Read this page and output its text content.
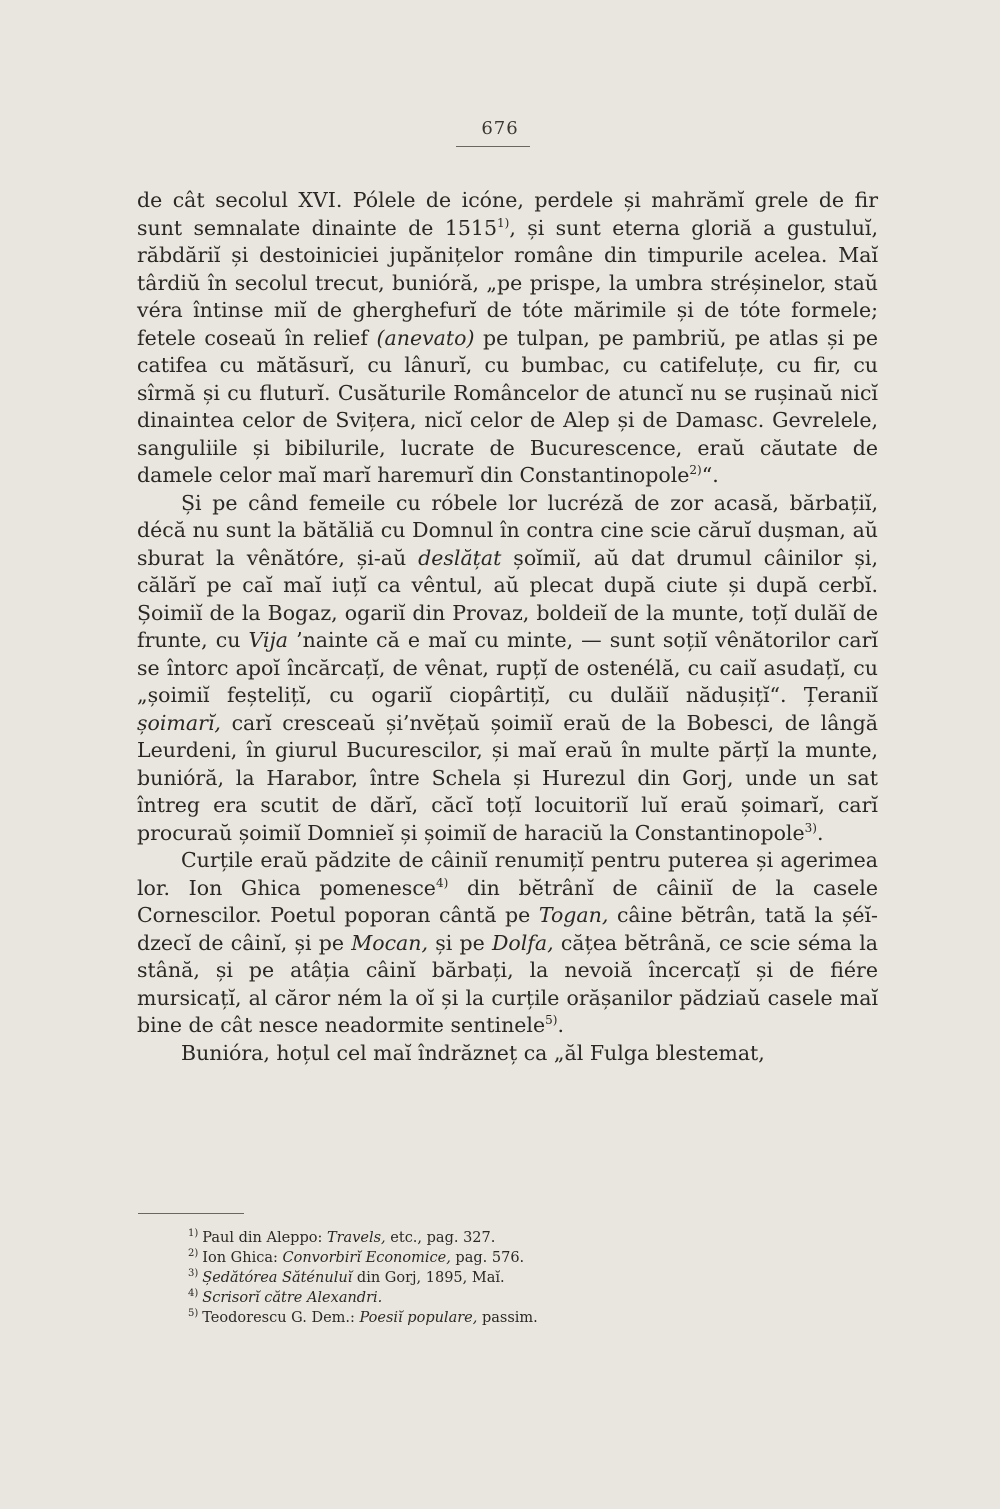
676

de cât secolul XVI. Pólele de icóne, perdele și mahrămĭ grele de fir sunt semnalate dinainte de 1515$^{1)}$, și sunt eterna gloriă a gustuluĭ, răbdăriĭ și destoiniciei jupănițelor române din timpurile acelea. Maĭ târdiŭ în secolul trecut, bunióră, „pe prispe, la umbra stréșinelor, staŭ véra întinse miĭ de gherghefurĭ de tóte mărimile și de tóte formele; fetele coseaŭ în relief (anevato) pe tulpan, pe pambriŭ, pe atlas și pe catifea cu mătăsurĭ, cu lânurĭ, cu bumbac, cu catifeluțe, cu fir, cu sîrmă și cu fluturĭ. Cusăturile Româncelor de atuncĭ nu se rușinaŭ nicĭ dinaintea celor de Svițera, nicĭ celor de Alep și de Damasc. Gevrelele, sanguliile și bibilurile, lucrate de Bucurescence, eraŭ căutate de damele celor maĭ marĭ haremurĭ din Constantinopole$^{2)}$“.

Și pe când femeile cu róbele lor lucréză de zor acasă, bărbațiĭ, décă nu sunt la bătăliă cu Domnul în contra cine scie căruĭ dușman, aŭ sburat la vênătóre, și-aŭ deslățat șoĭmiĭ, aŭ dat drumul câinilor și, călărĭ pe caĭ maĭ iuțĭ ca vêntul, aŭ plecat după ciute și după cerbĭ. Șoimiĭ de la Bogaz, ogariĭ din Provaz, boldeiĭ de la munte, toțĭ dulăĭ de frunte, cu Vija ’nainte că e maĭ cu minte, — sunt soțiĭ vênătorilor carĭ se întorc apoĭ încărcațĭ, de vênat, rupțĭ de ostenélă, cu caiĭ asudațĭ, cu „șoimiĭ feștelițĭ, cu ogariĭ ciopârtițĭ, cu dulăiĭ nădușițĭ“. Țeraniĭ șoimarĭ, carĭ cresceaŭ și’nvĕțaŭ șoimiĭ eraŭ de la Bobesci, de lângă Leurdeni, în giurul Bucurescilor, și maĭ eraŭ în multe părțĭ la munte, bunióră, la Harabor, între Schela și Hurezul din Gorj, unde un sat întreg era scutit de dărĭ, căcĭ toțĭ locuitoriĭ luĭ eraŭ șoimarĭ, carĭ procuraŭ șoimiĭ Domnieĭ și șoimiĭ de haraciŭ la Constantinopole$^{3)}$.

Curțile eraŭ pădzite de câiniĭ renumițĭ pentru puterea și agerimea lor. Ion Ghica pomenesce$^{4)}$ din bĕtrânĭ de câiniĭ de la casele Cornescilor. Poetul poporan cântă pe Togan, câine bĕtrân, tată la șéĭ-dzecĭ de câinĭ, și pe Mocan, și pe Dolfa, cățea bĕtrână, ce scie séma la stână, și pe atâția câinĭ bărbați, la nevoiă încercațĭ și de fiére mursicațĭ, al căror ném la oĭ și la curțile orășanilor pădziaŭ casele maĭ bine de cât nesce neadormite sentinele$^{5)}$.

Buniórа, hoțul cel maĭ îndrăzneț ca „ăl Fulga blestemat,

$^{1)}$ Paul din Aleppo: Travels, etc., pag. 327.
$^{2)}$ Ion Ghica: Convorbirĭ Economice, pag. 576.
$^{3)}$ Ședătórea Săténuluĭ din Gorj, 1895, Maĭ.
$^{4)}$ Scrisorĭ către Alexandri.
$^{5)}$ Teodorescu G. Dem.: Poesiĭ populare, passim.
